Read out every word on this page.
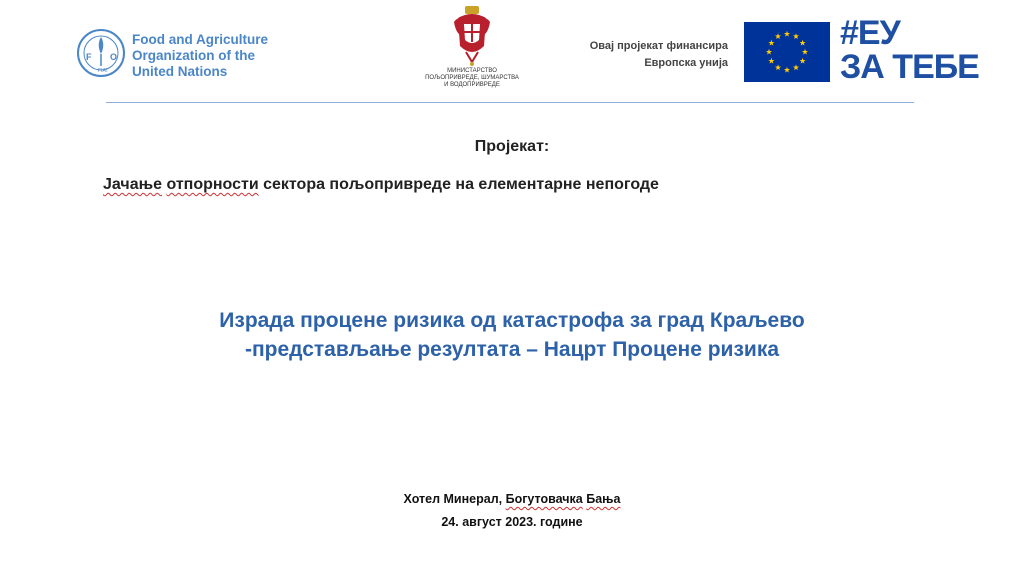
F O
FIAT
Food and Agriculture
Organization of the
United Nations	МИНИСТАРСТВО
ПОЉОПРИВРЕДЕ, ШУМАРСТВА
И ВОДОПРИВРЕДЕ
Овај пројекат финансира
Европска унија
#ЕУ
ЗА ТЕБЕ
Пројекат:
Јачање отпорности сектора пољопривреде на елементарне непогоде
Израда процене ризика од катастрофа за град Краљево
-представљање резултата – Нацрт Процене ризика
Хотел Минерал, Богутовачка Бања
24. август 2023. године
